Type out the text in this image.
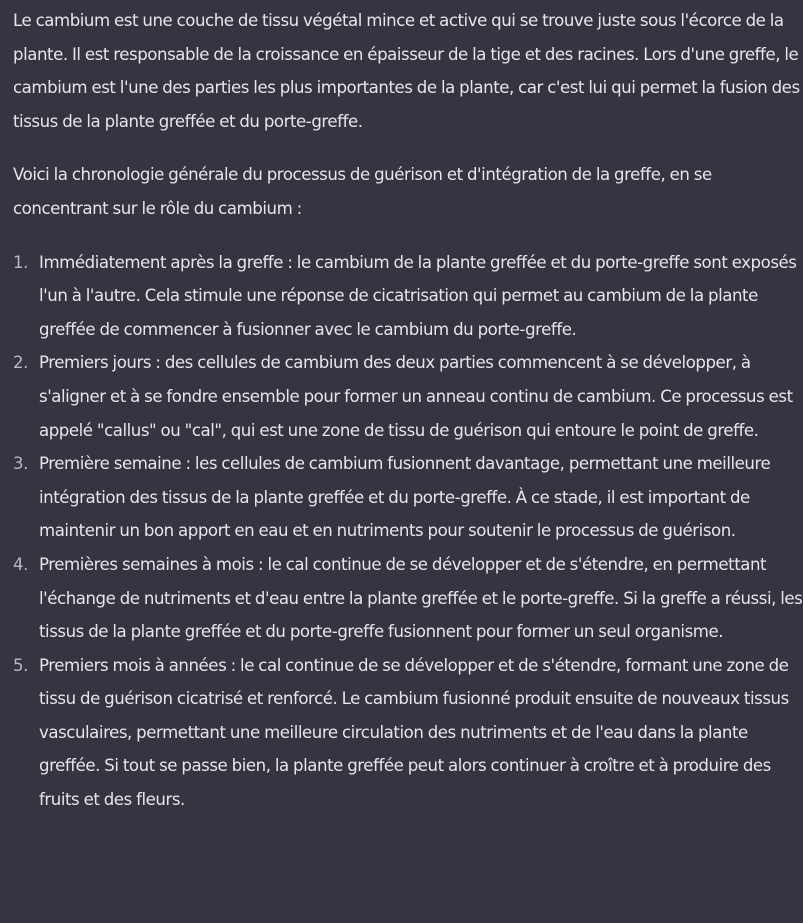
Le cambium est une couche de tissu végétal mince et active qui se trouve juste sous l'écorce de la plante. Il est responsable de la croissance en épaisseur de la tige et des racines. Lors d'une greffe, le cambium est l'une des parties les plus importantes de la plante, car c'est lui qui permet la fusion des tissus de la plante greffée et du porte-greffe.

Voici la chronologie générale du processus de guérison et d'intégration de la greffe, en se concentrant sur le rôle du cambium :

1. Immédiatement après la greffe : le cambium de la plante greffée et du porte-greffe sont exposés l'un à l'autre. Cela stimule une réponse de cicatrisation qui permet au cambium de la plante greffée de commencer à fusionner avec le cambium du porte-greffe.
2. Premiers jours : des cellules de cambium des deux parties commencent à se développer, à s'aligner et à se fondre ensemble pour former un anneau continu de cambium. Ce processus est appelé "callus" ou "cal", qui est une zone de tissu de guérison qui entoure le point de greffe.
3. Première semaine : les cellules de cambium fusionnent davantage, permettant une meilleure intégration des tissus de la plante greffée et du porte-greffe. À ce stade, il est important de maintenir un bon apport en eau et en nutriments pour soutenir le processus de guérison.
4. Premières semaines à mois : le cal continue de se développer et de s'étendre, en permettant l'échange de nutriments et d'eau entre la plante greffée et le porte-greffe. Si la greffe a réussi, les tissus de la plante greffée et du porte-greffe fusionnent pour former un seul organisme.
5. Premiers mois à années : le cal continue de se développer et de s'étendre, formant une zone de tissu de guérison cicatrisé et renforcé. Le cambium fusionné produit ensuite de nouveaux tissus vasculaires, permettant une meilleure circulation des nutriments et de l'eau dans la plante greffée. Si tout se passe bien, la plante greffée peut alors continuer à croître et à produire des fruits et des fleurs.
